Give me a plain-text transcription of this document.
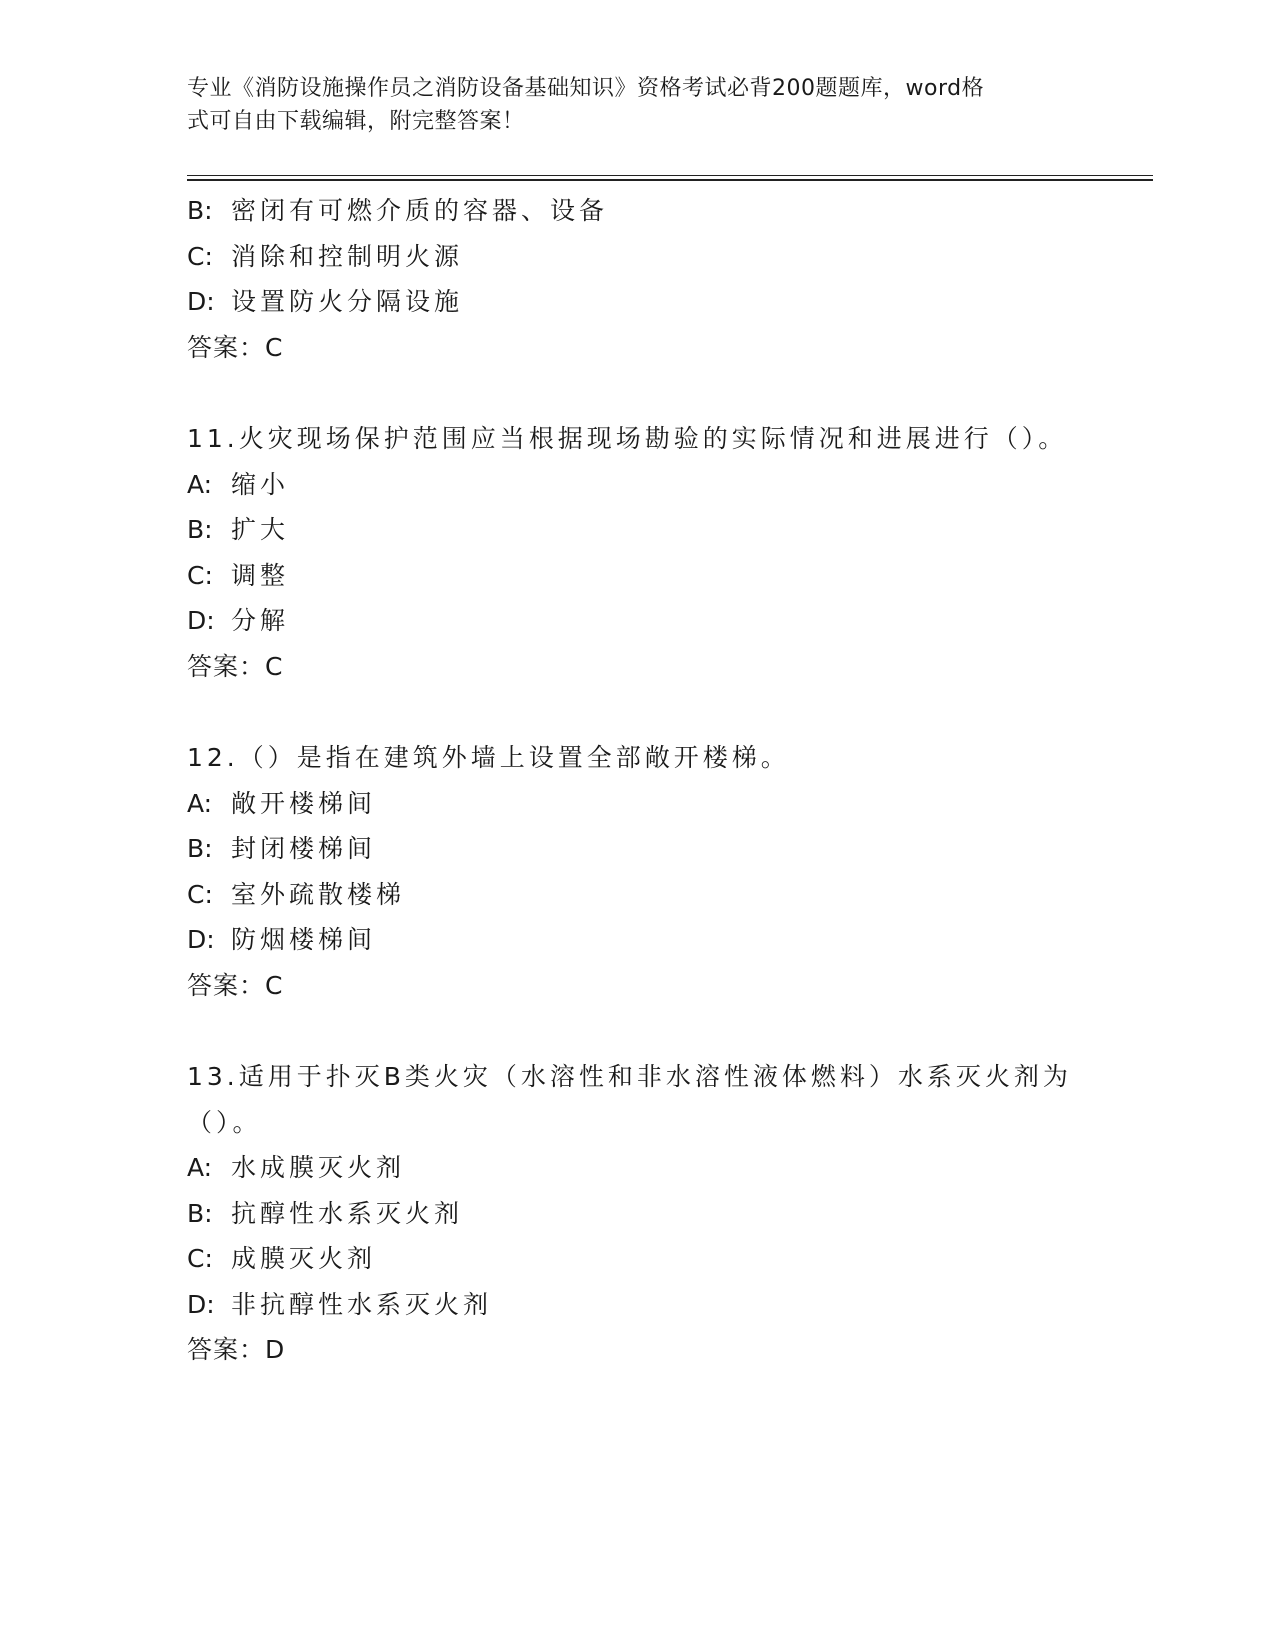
专业《消防设施操作员之消防设备基础知识》资格考试必背200题题库，word格
式可自由下载编辑，附完整答案！
B: 密闭有可燃介质的容器、设备
C: 消除和控制明火源
D: 设置防火分隔设施
答案：C
11.火灾现场保护范围应当根据现场勘验的实际情况和进展进行（）。
A: 缩小
B: 扩大
C: 调整
D: 分解
答案：C
12.（）是指在建筑外墙上设置全部敞开楼梯。
A: 敞开楼梯间
B: 封闭楼梯间
C: 室外疏散楼梯
D: 防烟楼梯间
答案：C
13.适用于扑灭B类火灾（水溶性和非水溶性液体燃料）水系灭火剂为
（）。
A: 水成膜灭火剂
B: 抗醇性水系灭火剂
C: 成膜灭火剂
D: 非抗醇性水系灭火剂
答案：D
